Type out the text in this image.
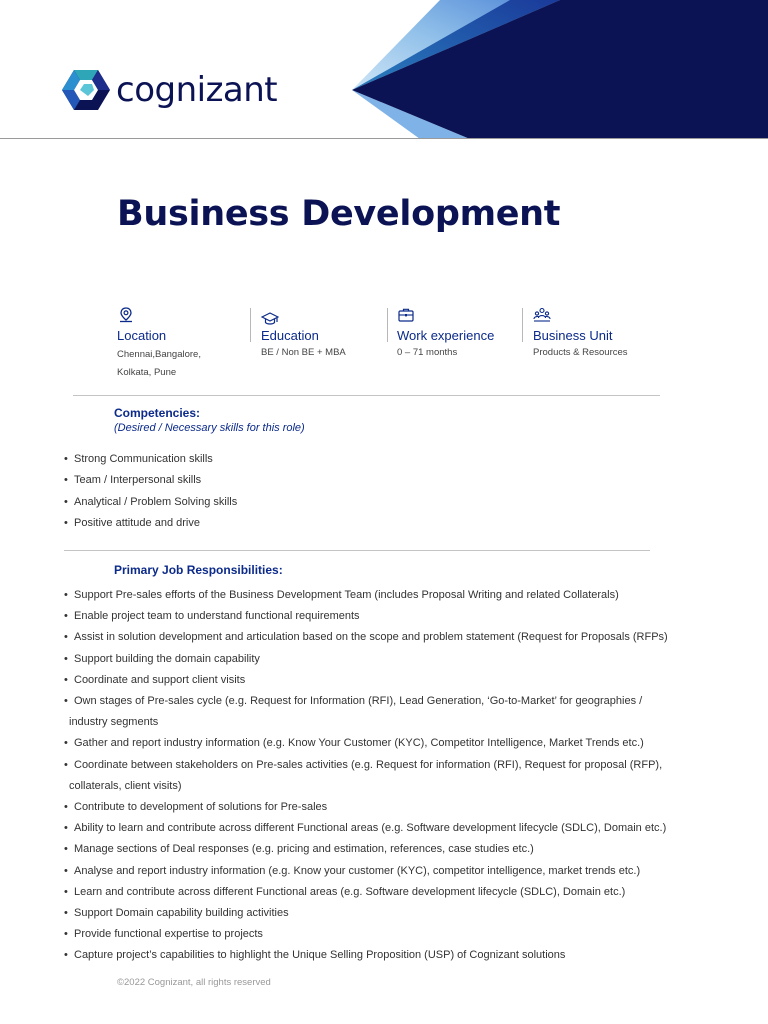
cognizant
Business Development
Location
Chennai,Bangalore,
Kolkata, Pune
Education
BE / Non BE + MBA
Work experience
0 – 71 months
Business Unit
Products & Resources
Competencies:
(Desired / Necessary skills for this role)
• Strong Communication skills
• Team / Interpersonal skills
• Analytical / Problem Solving skills
• Positive attitude and drive
Primary Job Responsibilities:
• Support Pre-sales efforts of the Business Development Team (includes Proposal Writing and related Collaterals)
• Enable project team to understand functional requirements
• Assist in solution development and articulation based on the scope and problem statement (Request for Proposals (RFPs)
• Support building the domain capability
• Coordinate and support client visits
• Own stages of Pre-sales cycle (e.g. Request for Information (RFI), Lead Generation, ‘Go-to-Market’ for geographies /
industry segments
• Gather and report industry information (e.g. Know Your Customer (KYC), Competitor Intelligence, Market Trends etc.)
• Coordinate between stakeholders on Pre-sales activities (e.g. Request for information (RFI), Request for proposal (RFP),
collaterals, client visits)
• Contribute to development of solutions for Pre-sales
• Ability to learn and contribute across different Functional areas (e.g. Software development lifecycle (SDLC), Domain etc.)
• Manage sections of Deal responses (e.g. pricing and estimation, references, case studies etc.)
• Analyse and report industry information (e.g. Know your customer (KYC), competitor intelligence, market trends etc.)
• Learn and contribute across different Functional areas (e.g. Software development lifecycle (SDLC), Domain etc.)
• Support Domain capability building activities
• Provide functional expertise to projects
• Capture project’s capabilities to highlight the Unique Selling Proposition (USP) of Cognizant solutions
©2022 Cognizant, all rights reserved
